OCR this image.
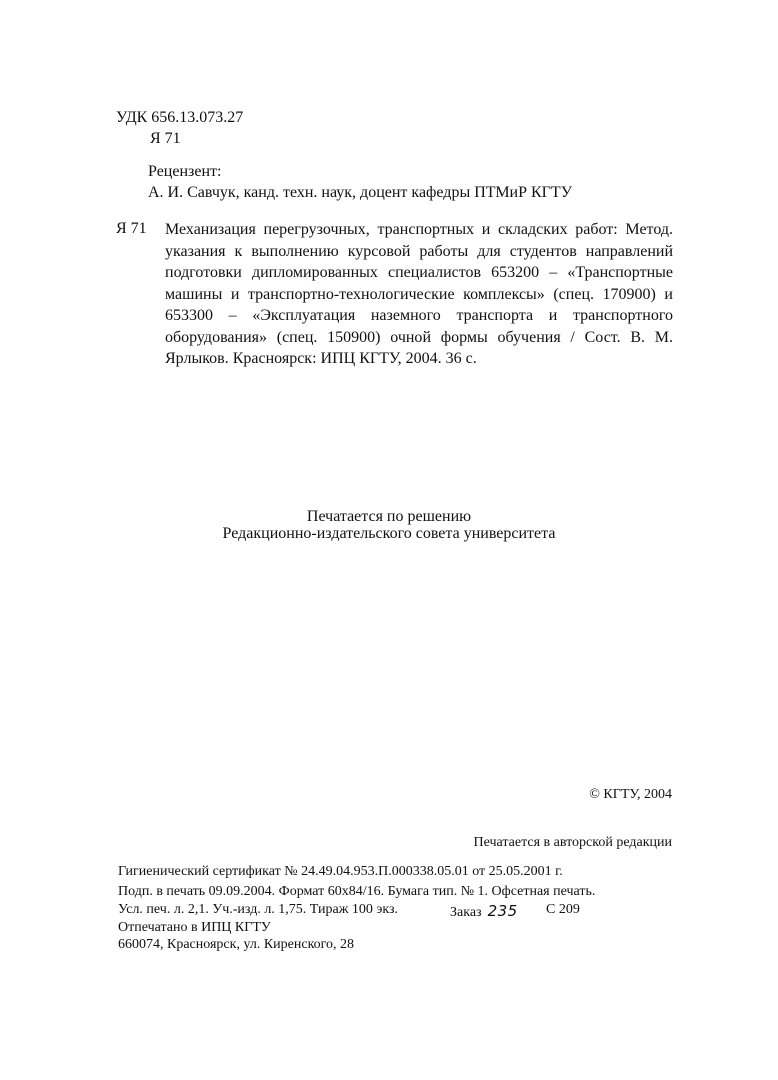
УДК 656.13.073.27
Я 71
Рецензент:
А. И. Савчук, канд. техн. наук, доцент кафедры ПТМиР КГТУ
Я 71 Механизация перегрузочных, транспортных и складских работ: Метод. указания к выполнению курсовой работы для студентов направлений подготовки дипломированных специалистов 653200 – «Транспортные машины и транспортно-технологические комплексы» (спец. 170900) и 653300 – «Эксплуатация наземного транспорта и транспортного оборудования» (спец. 150900) очной формы обучения / Сост. В. М. Ярлыков. Красноярск: ИПЦ КГТУ, 2004. 36 с.
Печатается по решению
Редакционно-издательского совета университета
© КГТУ, 2004
Печатается в авторской редакции
Гигиенический сертификат № 24.49.04.953.П.000338.05.01 от 25.05.2001 г.
Подп. в печать 09.09.2004. Формат 60x84/16. Бумага тип. № 1. Офсетная печать.
Усл. печ. л. 2,1. Уч.-изд. л. 1,75. Тираж 100 экз.	Заказ 235 С 209
Отпечатано в ИПЦ КГТУ
660074, Красноярск, ул. Киренского, 28
